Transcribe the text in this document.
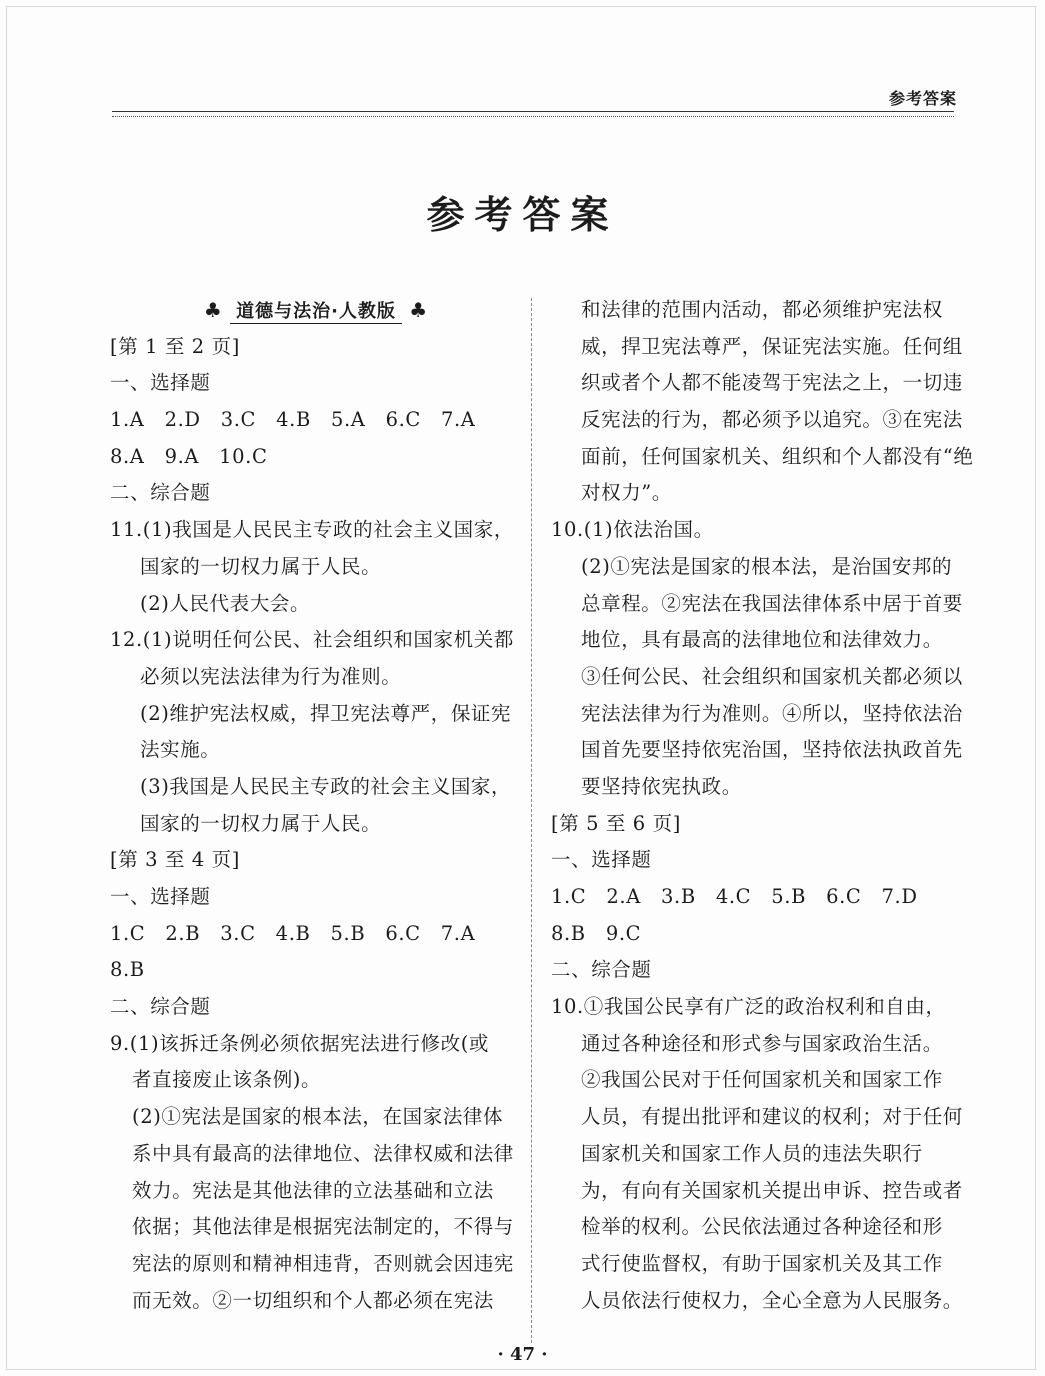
参考答案
参考答案
♣ 道德与法治·人教版 ♣
[第 1 至 2 页]
一、选择题
1.A　2.D　3.C　4.B　5.A　6.C　7.A
8.A　9.A　10.C
二、综合题
11.(1)我国是人民民主专政的社会主义国家，
国家的一切权力属于人民。
(2)人民代表大会。
12.(1)说明任何公民、社会组织和国家机关都
必须以宪法法律为行为准则。
(2)维护宪法权威，捍卫宪法尊严，保证宪
法实施。
(3)我国是人民民主专政的社会主义国家，
国家的一切权力属于人民。
[第 3 至 4 页]
一、选择题
1.C　2.B　3.C　4.B　5.B　6.C　7.A
8.B
二、综合题
9.(1)该拆迁条例必须依据宪法进行修改(或
者直接废止该条例)。
(2)①宪法是国家的根本法，在国家法律体
系中具有最高的法律地位、法律权威和法律
效力。宪法是其他法律的立法基础和立法
依据；其他法律是根据宪法制定的，不得与
宪法的原则和精神相违背，否则就会因违宪
而无效。②一切组织和个人都必须在宪法
和法律的范围内活动，都必须维护宪法权
威，捍卫宪法尊严，保证宪法实施。任何组
织或者个人都不能凌驾于宪法之上，一切违
反宪法的行为，都必须予以追究。③在宪法
面前，任何国家机关、组织和个人都没有“绝
对权力”。
10.(1)依法治国。
(2)①宪法是国家的根本法，是治国安邦的
总章程。②宪法在我国法律体系中居于首要
地位，具有最高的法律地位和法律效力。
③任何公民、社会组织和国家机关都必须以
宪法法律为行为准则。④所以，坚持依法治
国首先要坚持依宪治国，坚持依法执政首先
要坚持依宪执政。
[第 5 至 6 页]
一、选择题
1.C　2.A　3.B　4.C　5.B　6.C　7.D
8.B　9.C
二、综合题
10.①我国公民享有广泛的政治权利和自由，
通过各种途径和形式参与国家政治生活。
②我国公民对于任何国家机关和国家工作
人员，有提出批评和建议的权利；对于任何
国家机关和国家工作人员的违法失职行
为，有向有关国家机关提出申诉、控告或者
检举的权利。公民依法通过各种途径和形
式行使监督权，有助于国家机关及其工作
人员依法行使权力，全心全意为人民服务。
· 47 ·
